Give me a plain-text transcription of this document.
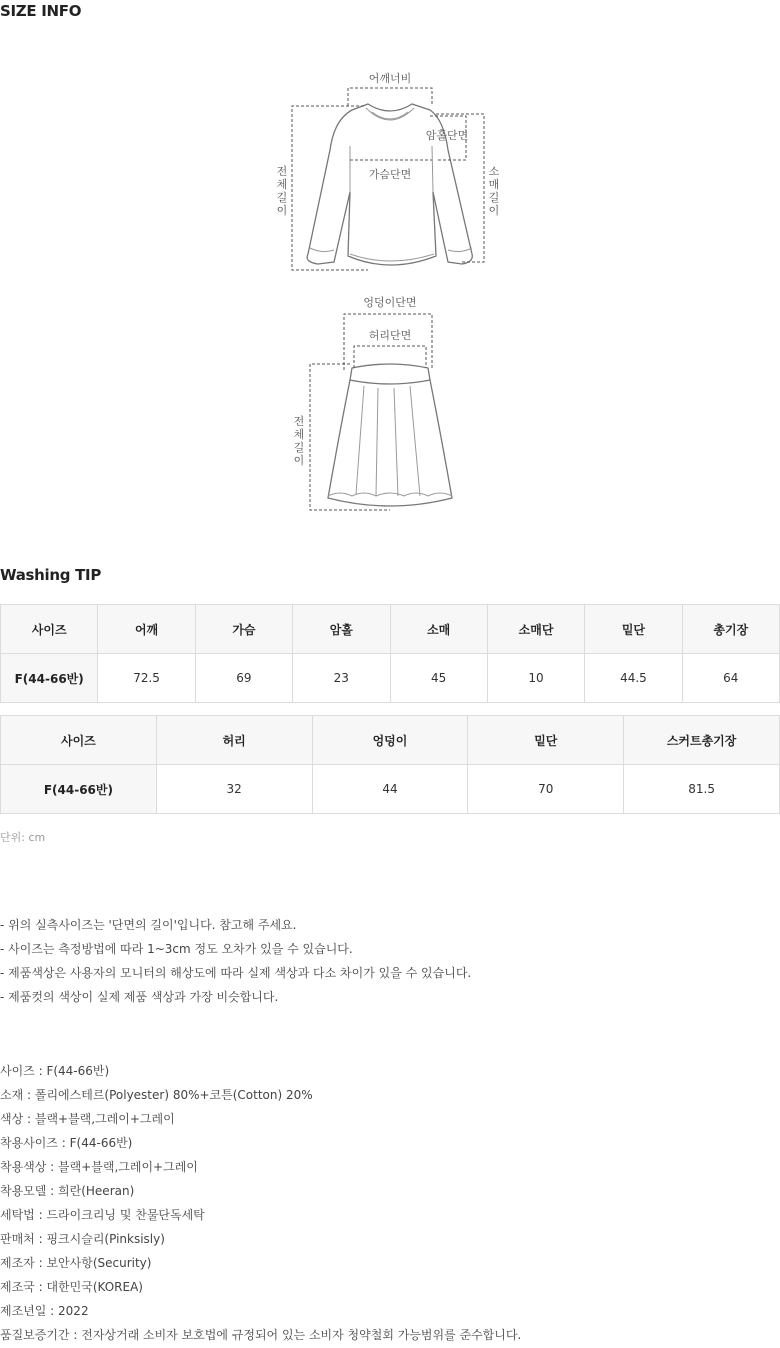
SIZE INFO
어깨너비
암홀단면
가슴단면
전
체
길
이
소
매
길
이
엉덩이단면
허리단면
전
체
길
이
Washing TIP
사이즈	어깨	가슴	암홀	소매	소매단	밑단	총기장
F(44-66반)	72.5	69	23	45	10	44.5	64
사이즈	허리	엉덩이	밑단	스커트총기장
F(44-66반)	32	44	70	81.5
단위: cm
- 위의 실측사이즈는 '단면의 길이'입니다. 참고해 주세요.
- 사이즈는 측정방법에 따라 1~3cm 정도 오차가 있을 수 있습니다.
- 제품색상은 사용자의 모니터의 해상도에 따라 실제 색상과 다소 차이가 있을 수 있습니다.
- 제품컷의 색상이 실제 제품 색상과 가장 비슷합니다.
사이즈 : F(44-66반)
소재 : 폴리에스테르(Polyester) 80%+코튼(Cotton) 20%
색상 : 블랙+블랙,그레이+그레이
착용사이즈 : F(44-66반)
착용색상 : 블랙+블랙,그레이+그레이
착용모델 : 희란(Heeran)
세탁법 : 드라이크리닝 및 찬물단독세탁
판매처 : 핑크시슬리(Pinksisly)
제조자 : 보안사항(Security)
제조국 : 대한민국(KOREA)
제조년일 : 2022
품질보증기간 : 전자상거래 소비자 보호법에 규정되어 있는 소비자 청약철회 가능범위를 준수합니다.
